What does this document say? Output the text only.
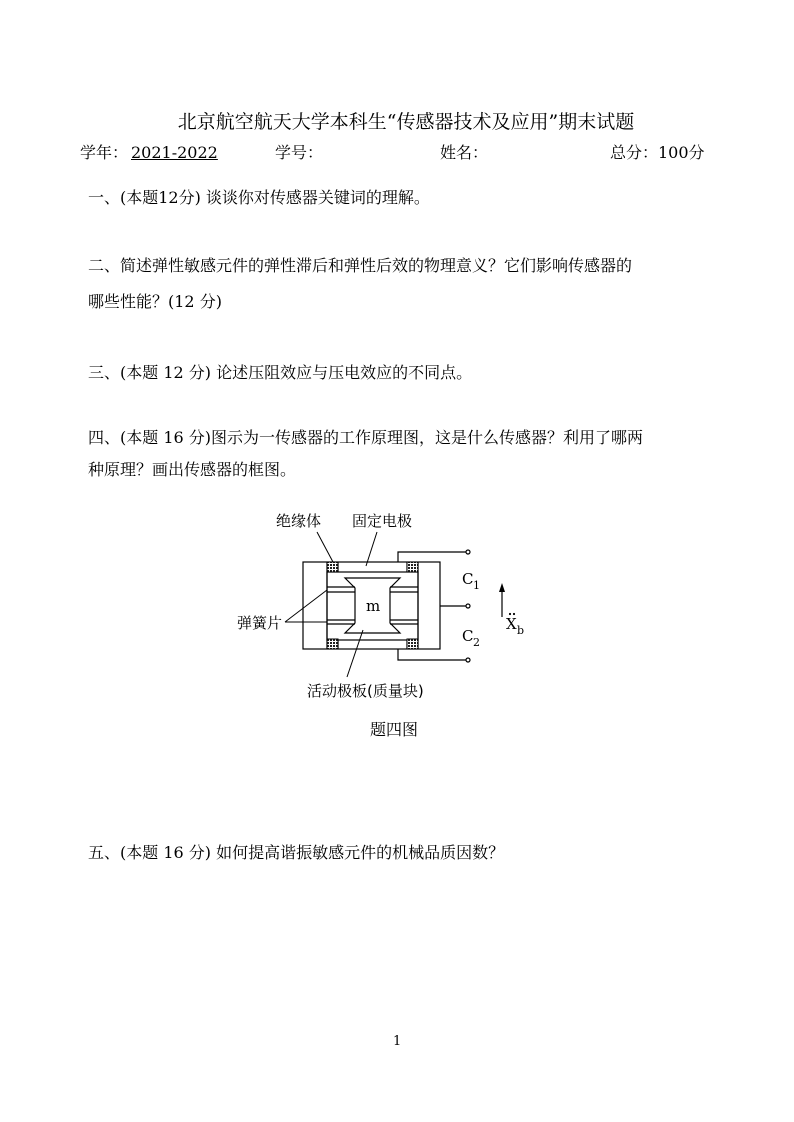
北京航空航天大学本科生“传感器技术及应用”期末试题
学年： 2021-2022	学号：	姓名：	总分：100分
一、(本题12分) 谈谈你对传感器关键词的理解。
二、简述弹性敏感元件的弹性滞后和弹性后效的物理意义？它们影响传感器的
哪些性能？(12 分)
三、(本题 12 分) 论述压阻效应与压电效应的不同点。
四、(本题 16 分)图示为一传感器的工作原理图，这是什么传感器？利用了哪两
种原理？画出传感器的框图。
绝缘体 固定电极
弹簧片
活动极板(质量块)
m
C 1
C 2
X b
题四图
五、(本题 16 分) 如何提高谐振敏感元件的机械品质因数？
1
